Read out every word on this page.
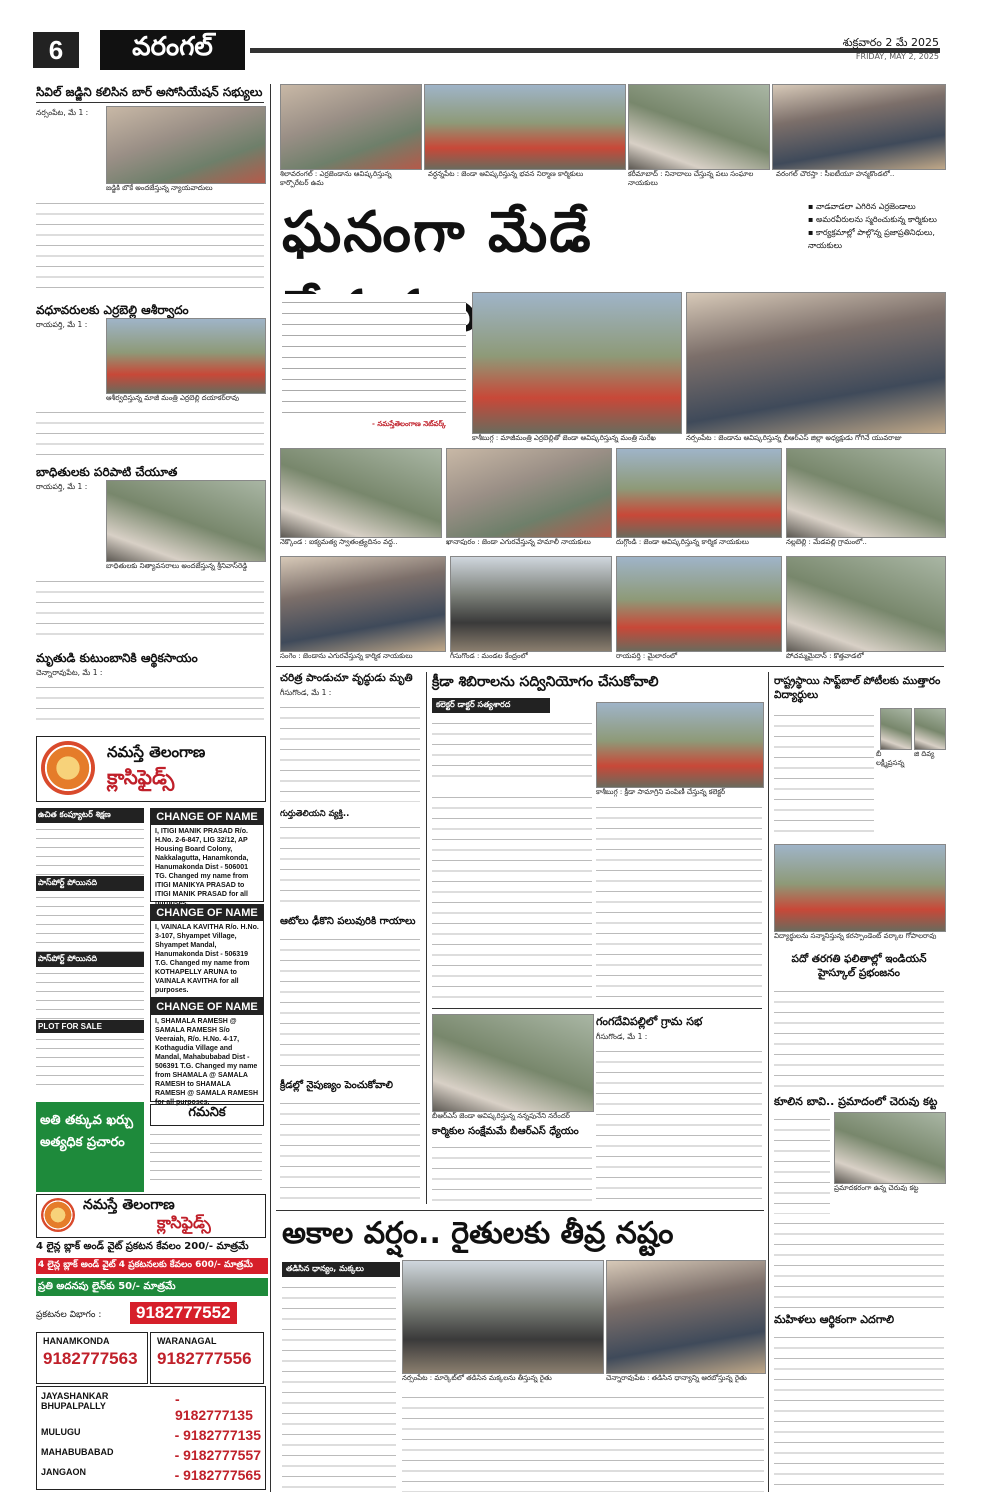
6	వరంగల్	శుక్రవారం 2 మే 2025
FRIDAY, MAY 2, 2025
సివిల్ జడ్జిని కలిసిన బార్ అసోసియేషన్ సభ్యులు
నర్సంపేట, మే 1 :
జడ్జికి బొకే అందజేస్తున్న న్యాయవాదులు
వధూవరులకు ఎర్రబెల్లి ఆశీర్వాదం
రాయపర్తి, మే 1 :
ఆశీర్వదిస్తున్న మాజీ మంత్రి ఎర్రబెల్లి దయాకర్‌రావు
బాధితులకు పరిపాటి చేయూత
రాయపర్తి, మే 1 :
బాధితులకు నిత్యావసరాలు అందజేస్తున్న శ్రీనివాస్‌రెడ్డి
మృతుడి కుటుంబానికి ఆర్థికసాయం
చెన్నారావుపేట, మే 1 :
నమస్తే తెలంగాణ
క్లాసిఫైడ్స్
ఉచిత కంప్యూటర్ శిక్షణ
పాస్‌పోర్ట్ పోయినది
పాస్‌పోర్ట్ పోయినది
PLOT FOR SALE
CHANGE OF NAME
I, ITIGI MANIK PRASAD R/o. H.No. 2-6-847, LIG 32/12, AP Housing Board Colony, Nakkalagutta, Hanamkonda, Hanumakonda Dist - 506001 TG. Changed my name from ITIGI MANIKYA PRASAD to ITIGI MANIK PRASAD for all
CHANGE OF NAME
I, VAINALA KAVITHA R/o. H.No. 3-107, Shyampet Village, Shyampet Mandal, Hanumakonda Dist - 506319 T.G. Changed my name from KOTHAPELLY ARUNA to VAINALA KAVITHA for all purposes.
CHANGE OF NAME
I, SHAMALA RAMESH @ SAMALA RAMESH S/o Veeraiah, R/o. H.No. 4-17, Kothagudia Village and Mandal, Mahabubabad Dist - 506391 T.G. Changed my name from SHAMALA @ SAMALA RAMESH to SHAMALA RAMESH @ SAMALA RAMESH for all purposes.
గమనిక
అతి తక్కువ ఖర్చు అత్యధిక ప్రచారం
నమస్తే తెలంగాణ
క్లాసిఫైడ్స్
4 లైన్ల బ్లాక్ అండ్ వైట్ ప్రకటన కేవలం 200/- మాత్రమే
4 లైన్ల బ్లాక్ అండ్ వైట్ 4 ప్రకటనలకు కేవలం 600/- మాత్రమే
ప్రతి అదనపు లైన్‌కు 50/- మాత్రమే
ప్రకటనల విభాగం :	9182777552
HANAMKONDA
9182777563
WARANAGAL
9182777556
JAYASHANKAR BHUPALPALLY	- 9182777135
MULUGU	- 9182777135
MAHABUBABAD	- 9182777557
JANGAON	- 9182777565
శిలావరంగల్ : ఎర్రజెండాను ఆవిష్కరిస్తున్న కార్పొరేటర్ ఉమ
వర్ధన్నపేట : జెండా ఆవిష్కరిస్తున్న భవన నిర్మాణ కార్మికులు	కరీమాబాద్ : నినాదాలు చేస్తున్న పలు సంఘాల నాయకులు
వరంగల్ చౌరస్తా : సీఐటీయూ హన్మకొండలో..
ఘనంగా మేడే	▪ వాడవాడలా ఎగిరిన ఎర్రజెండాలు
▪ అమరవీరులను స్మరించుకున్న కార్మికులు
▪ కార్యక్రమాల్లో పాల్గొన్న ప్రజాప్రతినిధులు, నాయకులు
- నమస్తేతెలంగాణ నెట్‌వర్క్
కాశీబుగ్గ : మాజీమంత్రి ఎర్రబెల్లితో జెండా ఆవిష్కరిస్తున్న మంత్రి సురేఖ	నర్సంపేట : జెండాను ఆవిష్కరిస్తున్న బీఆర్‌ఎస్ జిల్లా అధ్యక్షుడు గోగినే యువరాజు
నెక్కొండ : ఐక్యమత్య స్వాతంత్ర్యదినం వద్ద..	ఖానాపురం : జెండా ఎగురవేస్తున్న హమాలీ నాయకులు	దుగ్గొండి : జెండా ఆవిష్కరిస్తున్న కార్మిక నాయకులు	నల్లబెల్లి : మేడపల్లి గ్రామంలో..
సంగెం : జెండాను ఎగురవేస్తున్న కార్మిక నాయకులు	గీసుగొండ : మండల కేంద్రంలో	రాయపర్తి : మైలారంలో	పోచమ్మమైదాన్ : కొత్తవాడలో
చరిత్ర పాండుచూ వృద్ధుడు మృతి
గీసుగొండ, మే 1 :
గుర్తుతెలియని వ్యక్తి..
ఆటోలు ఢీకొని పలువురికి గాయాలు
క్రీడల్లో నైపుణ్యం పెంచుకోవాలి
క్రీడా శిబిరాలను సద్వినియోగం చేసుకోవాలి
కలెక్టర్ డాక్టర్ సత్యశారద
కాశీబుగ్గ : క్రీడా సామాగ్రిని పంపిణీ చేస్తున్న కలెక్టర్
బీఆర్‌ఎస్ జెండా ఆవిష్కరిస్తున్న నన్నపునేని నరేందర్
కార్మికుల సంక్షేమమే బీఆర్‌ఎస్ ధ్యేయం
గంగదేవిపల్లిలో గ్రామ సభ
గీసుగొండ, మే 1 :
రాష్ట్రస్థాయి సాఫ్ట్‌బాల్ పోటీలకు ముత్తారం విద్యార్థులు
బీ లక్ష్మీప్రసన్న
జి దివ్య
విద్యార్థులను సన్మానిస్తున్న కరస్పాండెంట్ వర్కాల గోపాలరావు
పదో తరగతి ఫలితాల్లో ఇండియన్ హైస్కూల్ ప్రభంజనం
కూలిన బావి.. ప్రమాదంలో చెరువు కట్ట
ప్రమాదకరంగా ఉన్న చెరువు కట్ట
మహిళలు ఆర్థికంగా ఎదగాలి
అకాల వర్షం.. రైతులకు తీవ్ర నష్టం
తడిసిన ధాన్యం, మక్కలు
నర్సంపేట : మార్కెట్‌లో తడిసిన మక్కలను తీస్తున్న రైతు	చెన్నారావుపేట : తడిసిన ధాన్యాన్ని ఆరబోస్తున్న రైతు
